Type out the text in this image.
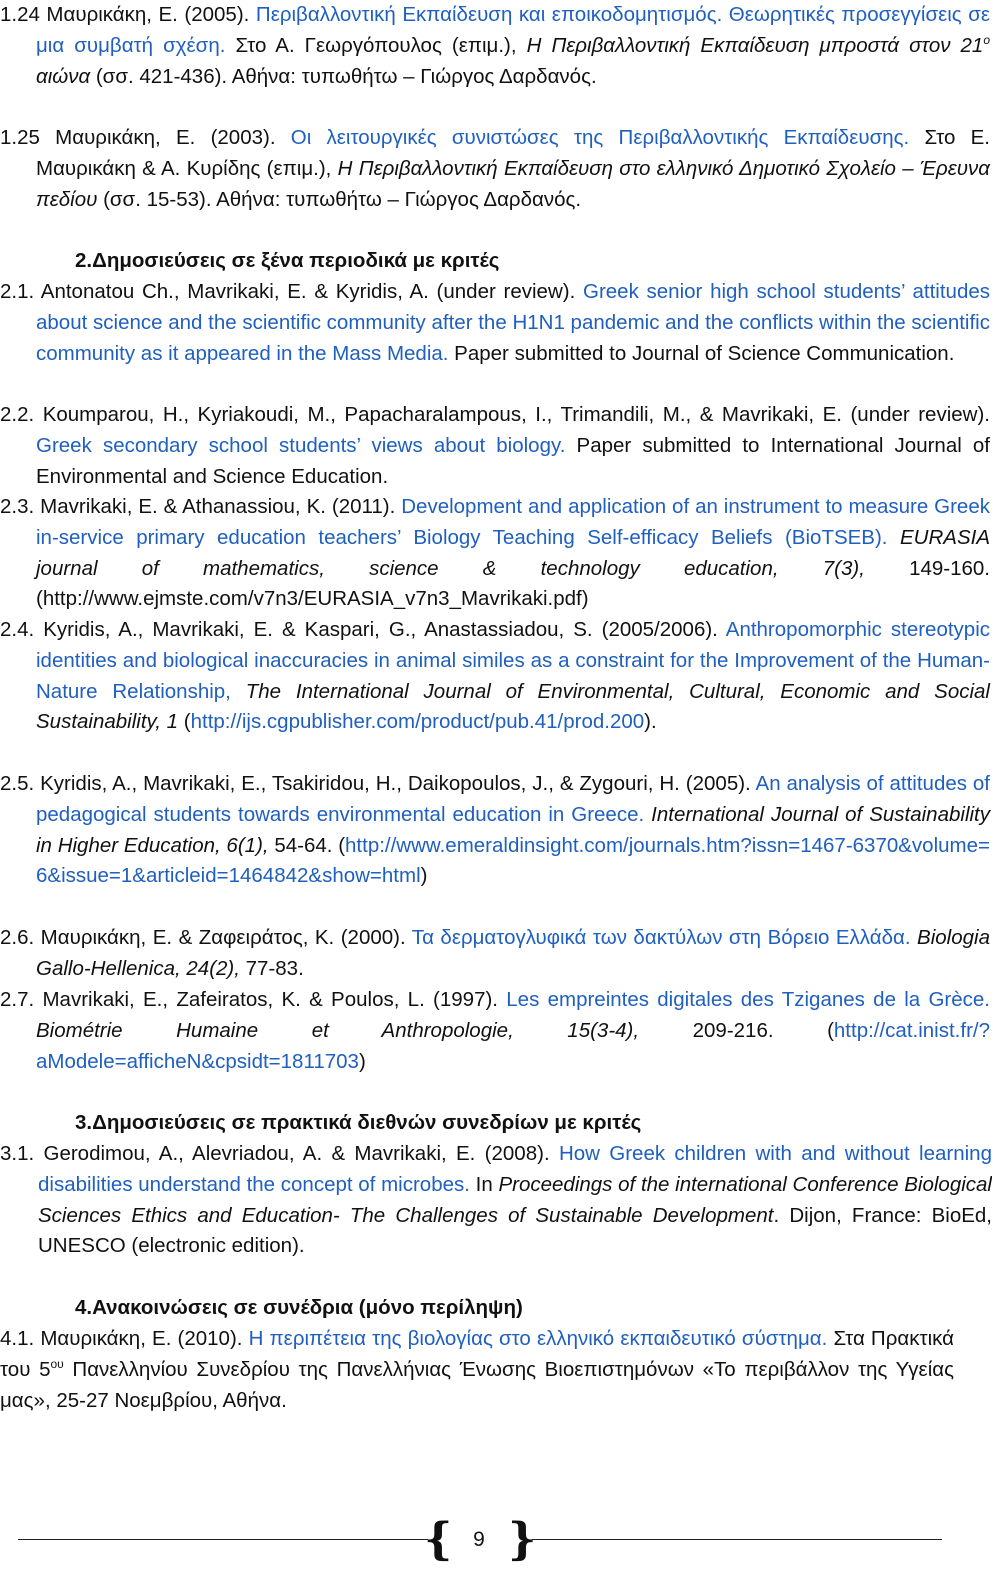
1.24 Μαυρικάκη, Ε. (2005). Περιβαλλοντική Εκπαίδευση και εποικοδομητισμός. Θεωρητικές προσεγγίσεις σε μια συμβατή σχέση. Στο Α. Γεωργόπουλος (επιμ.), Η Περιβαλλοντική Εκπαίδευση μπροστά στον $21^o$ αιώνα (σσ. 421-436). Αθήνα: τυπωθήτω – Γιώργος Δαρδανός.
1.25 Μαυρικάκη, Ε. (2003). Οι λειτουργικές συνιστώσες της Περιβαλλοντικής Εκπαίδευσης. Στο Ε. Μαυρικάκη & Α. Κυρίδης (επιμ.), Η Περιβαλλοντική Εκπαίδευση στο ελληνικό Δημοτικό Σχολείο – Έρευνα πεδίου (σσ. 15-53). Αθήνα: τυπωθήτω – Γιώργος Δαρδανός.
2.Δημοσιεύσεις σε ξένα περιοδικά με κριτές
2.1. Antonatou Ch., Mavrikaki, E. & Kyridis, A. (under review). Greek senior high school students’ attitudes about science and the scientific community after the H1N1 pandemic and the conflicts within the scientific community as it appeared in the Mass Media. Paper submitted to Journal of Science Communication.
2.2. Koumparou, H., Kyriakoudi, M., Papacharalampous, I., Trimandili, M., & Mavrikaki, E. (under review). Greek secondary school students’ views about biology. Paper submitted to International Journal of Environmental and Science Education.
2.3. Mavrikaki, E. & Athanassiou, K. (2011). Development and application of an instrument to measure Greek in-service primary education teachers’ Biology Teaching Self-efficacy Beliefs (BioTSEB). EURASIA journal of mathematics, science & technology education, 7(3), 149-160.(http://www.ejmste.com/v7n3/EURASIA_v7n3_Mavrikaki.pdf)
2.4. Kyridis, A., Mavrikaki, E. & Kaspari, G., Anastassiadou, S. (2005/2006). Anthropomorphic stereotypic identities and biological inaccuracies in animal similes as a constraint for the Improvement of the Human-Nature Relationship, The International Journal of Environmental, Cultural, Economic and Social Sustainability, 1 (http://ijs.cgpublisher.com/product/pub.41/prod.200).
2.5. Kyridis, A., Mavrikaki, E., Tsakiridou, H., Daikopoulos, J., & Zygouri, H. (2005). An analysis of attitudes of pedagogical students towards environmental education in Greece. International Journal of Sustainability in Higher Education, 6(1), 54-64. (http://www.emeraldinsight.com/journals.htm?issn=1467-6370&volume=6&issue=1&articleid=1464842&show=html)
2.6. Μαυρικάκη, Ε. & Ζαφειράτος, Κ. (2000). Τα δερματογλυφικά των δακτύλων στη Βόρειο Ελλάδα. Biologia Gallo-Hellenica, 24(2), 77-83.
2.7. Mavrikaki, E., Zafeiratos, K. & Poulos, L. (1997). Les empreintes digitales des Tziganes de la Grèce. Biométrie Humaine et Anthropologie, 15(3-4), 209-216. (http://cat.inist.fr/?aModele=afficheN&cpsidt=1811703)
3.Δημοσιεύσεις σε πρακτικά διεθνών συνεδρίων με κριτές
3.1. Gerodimou, A., Alevriadou, A. & Mavrikaki, E. (2008). How Greek children with and without learning disabilities understand the concept of microbes. In Proceedings of the international Conference Biological Sciences Ethics and Education- The Challenges of Sustainable Development. Dijon, France: BioEd, UNESCO (electronic edition).
4.Ανακοινώσεις σε συνέδρια (μόνο περίληψη)
4.1. Μαυρικάκη, Ε. (2010). Η περιπέτεια της βιολογίας στο ελληνικό εκπαιδευτικό σύστημα. Στα Πρακτικά του $5^{o\upsilon}$ Πανελληνίου Συνεδρίου της Πανελλήνιας Ένωσης Βιοεπιστημόνων «Το περιβάλλον της Υγείας μας», 25-27 Νοεμβρίου, Αθήνα.
{ }
9
